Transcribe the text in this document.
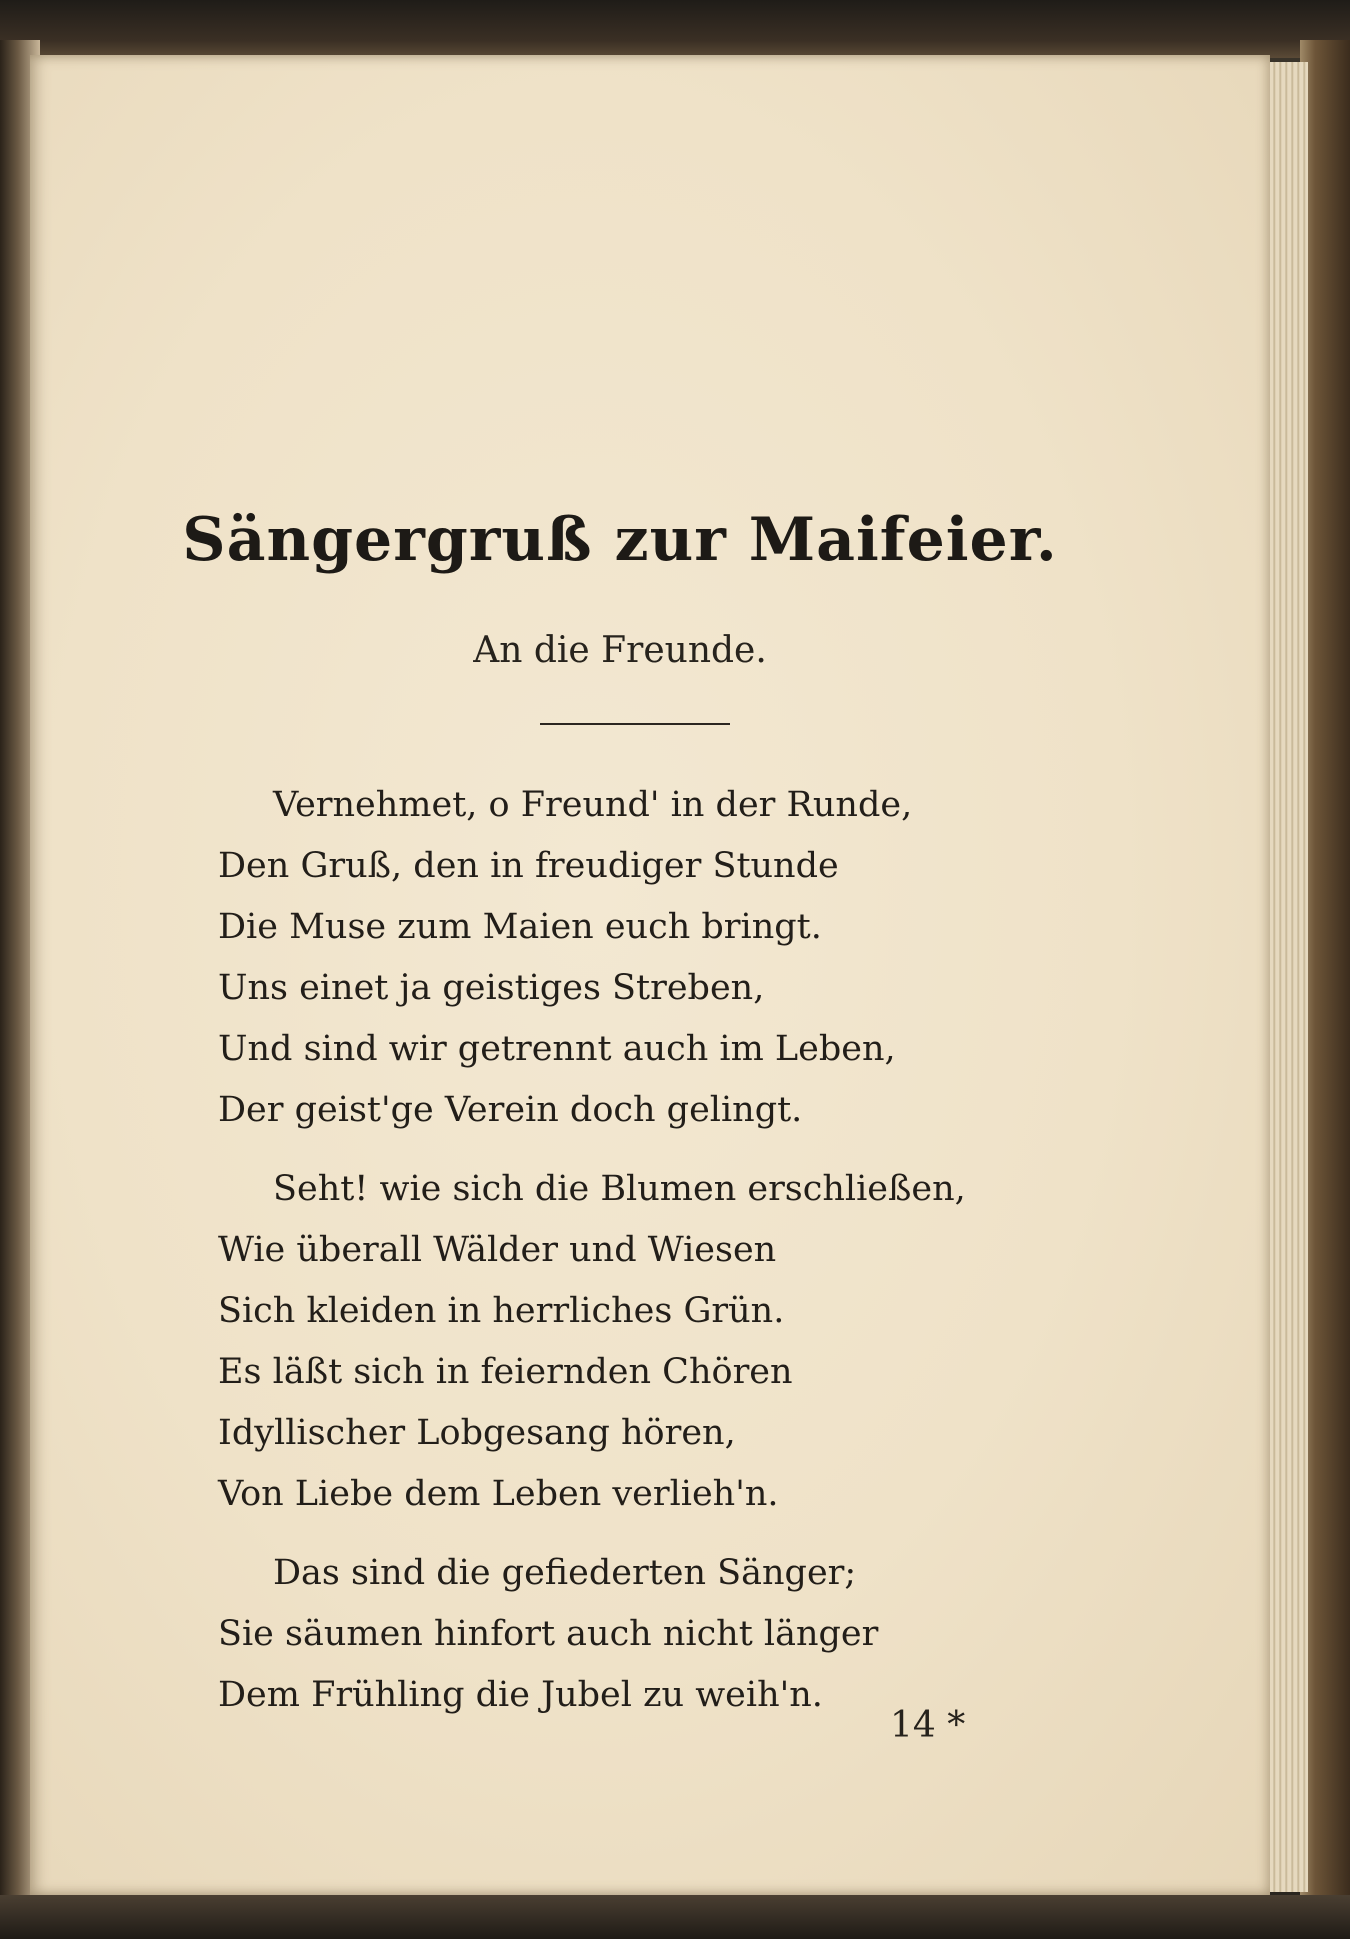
Sängergruß zur Maifeier.
An die Freunde.
Vernehmet, o Freund' in der Runde,
Den Gruß, den in freudiger Stunde
Die Muse zum Maien euch bringt.
Uns einet ja geistiges Streben,
Und sind wir getrennt auch im Leben,
Der geist'ge Verein doch gelingt.
Seht! wie sich die Blumen erschließen,
Wie überall Wälder und Wiesen
Sich kleiden in herrliches Grün.
Es läßt sich in feiernden Chören
Idyllischer Lobgesang hören,
Von Liebe dem Leben verlieh'n.
Das sind die gefiederten Sänger;
Sie säumen hinfort auch nicht länger
Dem Frühling die Jubel zu weih'n.
14 *
